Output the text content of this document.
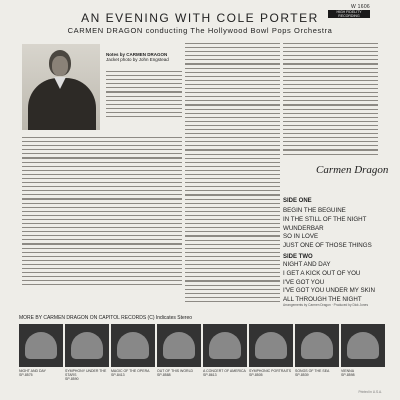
W 1606
HIGH FIDELITY RECORDING
AN EVENING WITH COLE PORTER
CARMEN DRAGON conducting The Hollywood Bowl Pops Orchestra
Notes by CARMEN DRAGON
Jacket photo by John Engstead
Carmen Dragon
SIDE ONE
BEGIN THE BEGUINE
IN THE STILL OF THE NIGHT
WUNDERBAR
SO IN LOVE
JUST ONE OF THOSE THINGS
SIDE TWO
NIGHT AND DAY
I GET A KICK OUT OF YOU
I'VE GOT YOU
I'VE GOT YOU UNDER MY SKIN
ALL THROUGH THE NIGHT
Arrangements by Carmen Dragon · Produced by Dick Jones
MORE BY CARMEN DRAGON ON CAPITOL RECORDS (C) Indicates Stereo
NIGHT AND DAY
SP-8575
SYMPHONY UNDER THE STARS
SP-8590
MAGIC OF THE OPERA
SP-8413
OUT OF THIS WORLD
SP-8588
A CONCERT OF AMERICA
SP-8613
SYMPHONIC PORTRAITS
SP-8505
SONGS OF THE SEA
SP-8539
VIENNA
SP-8598
Printed in U.S.A.
